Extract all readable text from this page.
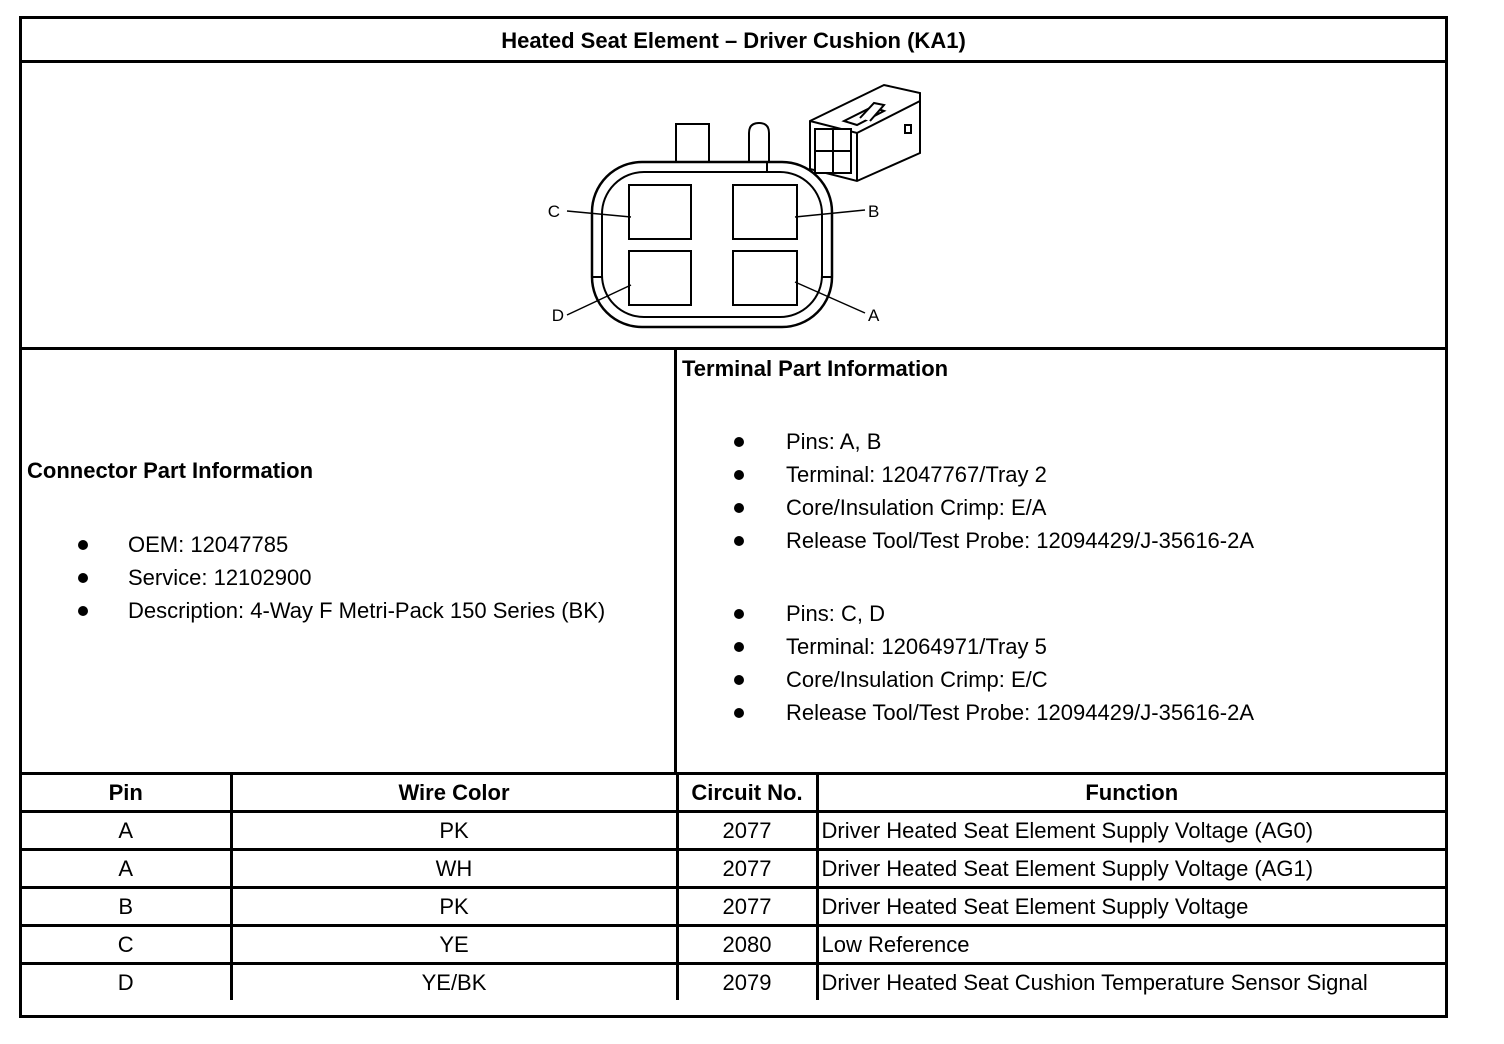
Heated Seat Element – Driver Cushion (KA1)
C	B
D	A
Connector Part Information
OEM: 12047785
Service: 12102900
Description: 4-Way F Metri-Pack 150 Series (BK)
Terminal Part Information
Pins: A, B
Terminal: 12047767/Tray 2
Core/Insulation Crimp: E/A
Release Tool/Test Probe: 12094429/J-35616-2A
Pins: C, D
Terminal: 12064971/Tray 5
Core/Insulation Crimp: E/C
Release Tool/Test Probe: 12094429/J-35616-2A
Pin	Wire Color	Circuit No.	Function
A	PK	2077	Driver Heated Seat Element Supply Voltage (AG0)
A	WH	2077	Driver Heated Seat Element Supply Voltage (AG1)
B	PK	2077	Driver Heated Seat Element Supply Voltage
C	YE	2080	Low Reference
D	YE/BK	2079	Driver Heated Seat Cushion Temperature Sensor Signal
